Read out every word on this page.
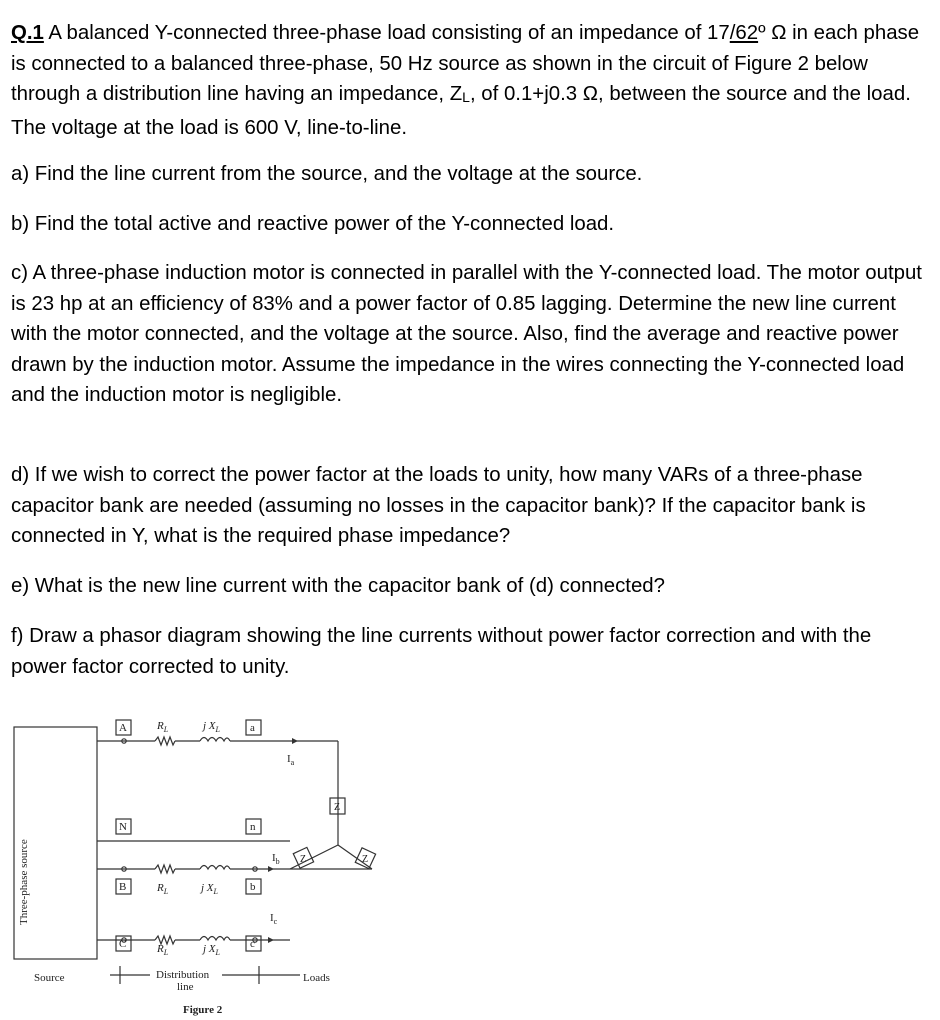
Q.1 A balanced Y-connected three-phase load consisting of an impedance of 17/62º Ω in each phase is connected to a balanced three-phase, 50 Hz source as shown in the circuit of Figure 2 below through a distribution line having an impedance, $Z_L$, of 0.1+j0.3 Ω, between the source and the load. The voltage at the load is 600 V, line-to-line.

a) Find the line current from the source, and the voltage at the source.

b) Find the total active and reactive power of the Y-connected load.

c) A three-phase induction motor is connected in parallel with the Y-connected load. The motor output is 23 hp at an efficiency of 83% and a power factor of 0.85 lagging. Determine the new line current with the motor connected, and the voltage at the source. Also, find the average and reactive power drawn by the induction motor. Assume the impedance in the wires connecting the Y-connected load and the induction motor is negligible.

d) If we wish to correct the power factor at the loads to unity, how many VARs of a three-phase capacitor bank are needed (assuming no losses in the capacitor bank)? If the capacitor bank is connected in Y, what is the required phase impedance?

e) What is the new line current with the capacitor bank of (d) connected?

f) Draw a phasor diagram showing the line currents without power factor correction and with the power factor corrected to unity.

Three-phase source
A
N
B
C
a
n
b
c
$R_L$
$R_L$
$R_L$
j $X_L$
j $X_L$
j $X_L$
$I_a$
$I_b$
$I_c$
Z
Z	Z
Source	Distribution
line
Loads
Figure 2
